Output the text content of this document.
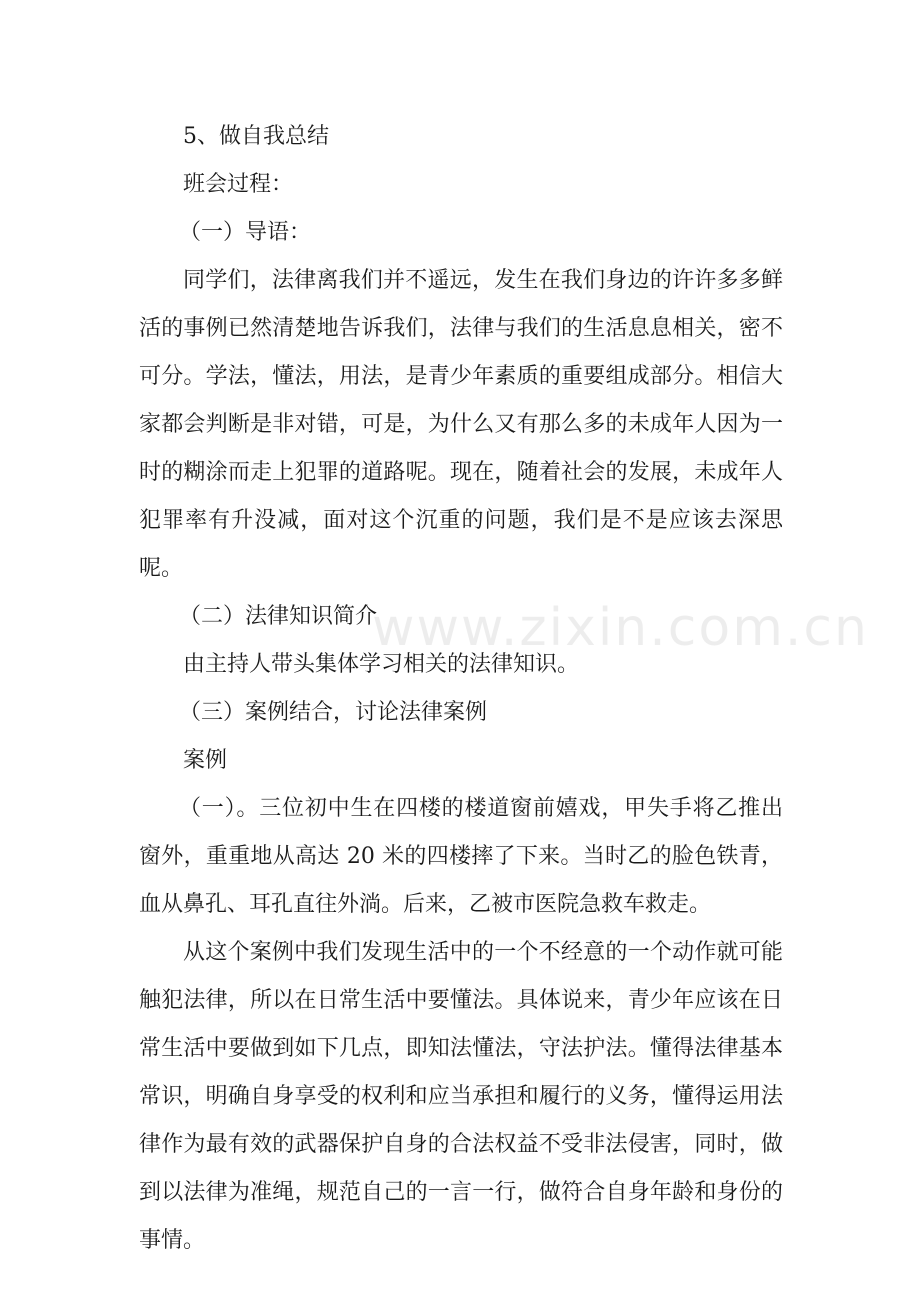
5、做自我总结
班会过程：
（一）导语：
同学们，法律离我们并不遥远，发生在我们身边的许许多多鲜活的事例已然清楚地告诉我们，法律与我们的生活息息相关，密不可分。学法，懂法，用法，是青少年素质的重要组成部分。相信大家都会判断是非对错，可是，为什么又有那么多的未成年人因为一时的糊涂而走上犯罪的道路呢。现在，随着社会的发展，未成年人犯罪率有升没减，面对这个沉重的问题，我们是不是应该去深思呢。
（二）法律知识简介
由主持人带头集体学习相关的法律知识。
（三）案例结合，讨论法律案例
案例
（一）。三位初中生在四楼的楼道窗前嬉戏，甲失手将乙推出窗外，重重地从高达 20 米的四楼摔了下来。当时乙的脸色铁青，血从鼻孔、耳孔直往外淌。后来，乙被市医院急救车救走。
从这个案例中我们发现生活中的一个不经意的一个动作就可能触犯法律，所以在日常生活中要懂法。具体说来，青少年应该在日常生活中要做到如下几点，即知法懂法，守法护法。懂得法律基本常识，明确自身享受的权利和应当承担和履行的义务，懂得运用法律作为最有效的武器保护自身的合法权益不受非法侵害，同时，做到以法律为准绳，规范自己的一言一行，做符合自身年龄和身份的事情。
www.zixin.com.cn
